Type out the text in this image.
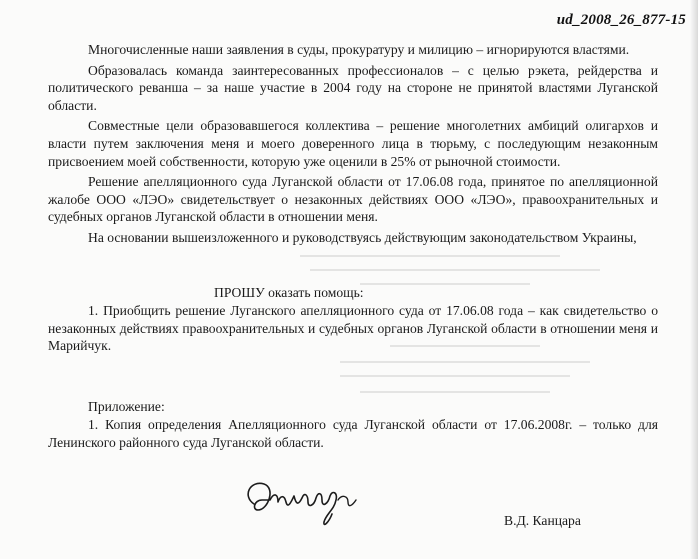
ud_2008_26_877-15

Многочисленные наши заявления в суды, прокуратуру и милицию – игнорируются властями.

Образовалась команда заинтересованных профессионалов – с целью рэкета, рейдерства и политического реванша – за наше участие в 2004 году на стороне не принятой властями Луганской области.

Совместные цели образовавшегося коллектива – решение многолетних амбиций олигархов и власти путем заключения меня и моего доверенного лица в тюрьму, с последующим незаконным присвоением моей собственности, которую уже оценили в 25% от рыночной стоимости.

Решение апелляционного суда Луганской области от 17.06.08 года, принятое по апелляционной жалобе ООО «ЛЭО» свидетельствует о незаконных действиях ООО «ЛЭО», правоохранительных и судебных органов Луганской области в отношении меня.

На основании вышеизложенного и руководствуясь действующим законодательством Украины,

ПРОШУ оказать помощь:
1. Приобщить решение Луганского апелляционного суда от 17.06.08 года – как свидетельство о незаконных действиях правоохранительных и судебных органов Луганской области в отношении меня и Марийчук.
Приложение:
1. Копия определения Апелляционного суда Луганской области от 17.06.2008г. – только для Ленинского районного суда Луганской области.
В.Д. Канцара
